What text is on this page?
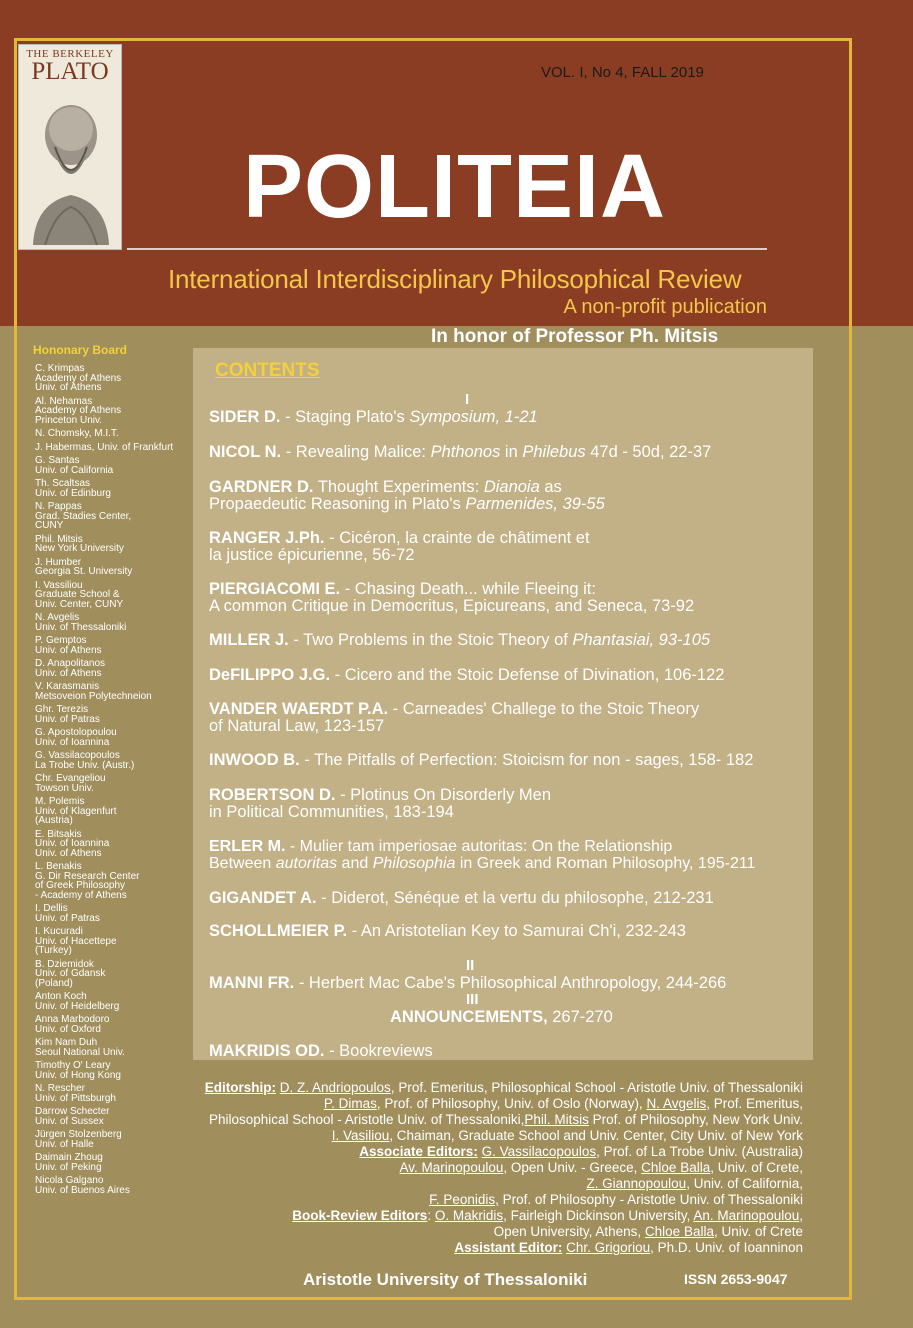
THE BERKELEY
PLATO	VOL. I, No 4, FALL 2019
POLITEIA
International Interdisciplinary Philosophical Review
A non-profit publication
In honor of Professor Ph. Mitsis
Hononary Board
C. Krimpas
Academy of Athens
Univ. of Athens
Al. Nehamas
Academy of Athens
Princeton Univ.
N. Chomsky, M.I.T.
J. Habermas, Univ. of Frankfurt
G. Santas
Univ. of California
Th. Scaltsas
Univ. of Edinburg
N. Pappas
Grad. Stadies Center,
CUNY
Phil. Mitsis
New York University
J. Humber
Georgia St. University
I. Vassiliou
Graduate School &
Univ. Center, CUNY
N. Avgelis
Univ. of Thessaloniki
P. Gemptos
Univ. of Athens
D. Anapolitanos
Univ. of Athens
V. Karasmanis
Metsoveion Polytechneion
Ghr. Terezis
Univ. of Patras
G. Apostolopoulou
Univ. of Ioannina
G. Vassilacopoulos
La Trobe Univ. (Austr.)
Chr. Evangeliou
Towson Univ.
M. Polemis
Univ. of Klagenfurt
(Austria)
E. Bitsakis
Univ. of Ioannina
Univ. of Athens
L. Benakis
G. Dir Research Center
of Greek Philosophy
- Academy of Athens
I. Dellis
Univ. of Patras
I. Kucuradi
Univ. of Hacettepe
(Turkey)
B. Dziemidok
Univ. of Gdansk
(Poland)
Anton Koch
Univ. of Heidelberg
Anna Marbodoro
Univ. of Oxford
Kim Nam Duh
Seoul National Univ.
Timothy O' Leary
Univ. of Hong Kong
N. Rescher
Univ. of Pittsburgh
Darrow Schecter
Univ. of Sussex
Jürgen Stolzenberg
Univ. of Halle
Daimain Zhoug
Univ. of Peking
Nicola Galgano
Univ. of Buenos Aires
CONTENTS
I
SIDER D. - Staging Plato's Symposium, 1-21
NICOL N. - Revealing Malice: Phthonos in Philebus 47d - 50d, 22-37
GARDNER D. Thought Experiments: Dianoia as
Propaedeutic Reasoning in Plato's Parmenides, 39-55
RANGER J.Ph. - Cicéron, la crainte de châtiment et
la justice épicurienne, 56-72
PIERGIACOMI E. - Chasing Death... while Fleeing it:
A common Critique in Democritus, Epicureans, and Seneca, 73-92
MILLER J. - Two Problems in the Stoic Theory of Phantasiai, 93-105
DeFILIPPO J.G. - Cicero and the Stoic Defense of Divination, 106-122
VANDER WAERDT P.A. - Carneades' Challege to the Stoic Theory
of Natural Law, 123-157
INWOOD B. - The Pitfalls of Perfection: Stoicism for non - sages, 158- 182
ROBERTSON D. - Plotinus On Disorderly Men
in Political Communities, 183-194
ERLER M. - Mulier tam imperiosae autoritas: On the Relationship
Between autoritas and Philosophia in Greek and Roman Philosophy, 195-211
GIGANDET A. - Diderot, Sénéque et la vertu du philosophe, 212-231
SCHOLLMEIER P. - An Aristotelian Key to Samurai Ch'i, 232-243
II
MANNI FR. - Herbert Mac Cabe's Philosophical Anthropology, 244-266
III
ANNOUNCEMENTS, 267-270
MAKRIDIS OD. - Bookreviews
Editorship: D. Z. Andriopoulos, Prof. Emeritus, Philosophical School - Aristotle Univ. of Thessaloniki
P. Dimas, Prof. of Philosophy, Univ. of Oslo (Norway), N. Avgelis, Prof. Emeritus,
Philosophical School - Aristotle Univ. of Thessaloniki,Phil. Mitsis Prof. of Philosophy, New York Univ.
I. Vasiliou, Chaiman, Graduate School and Univ. Center, City Univ. of New York
Associate Editors: G. Vassilacopoulos, Prof. of La Trobe Univ. (Australia)
Av. Marinopoulou, Open Univ. - Greece, Chloe Balla, Univ. of Crete,
Z. Giannopoulou, Univ. of California,
F. Peonidis, Prof. of Philosophy - Aristotle Univ. of Thessaloniki
Book-Review Editors: O. Makridis, Fairleigh Dickinson University, An. Marinopoulou,
Open University, Athens, Chloe Balla, Univ. of Crete
Assistant Editor: Chr. Grigoriou, Ph.D. Univ. of Ioanninon
Aristotle University of Thessaloniki	ISSN 2653-9047
